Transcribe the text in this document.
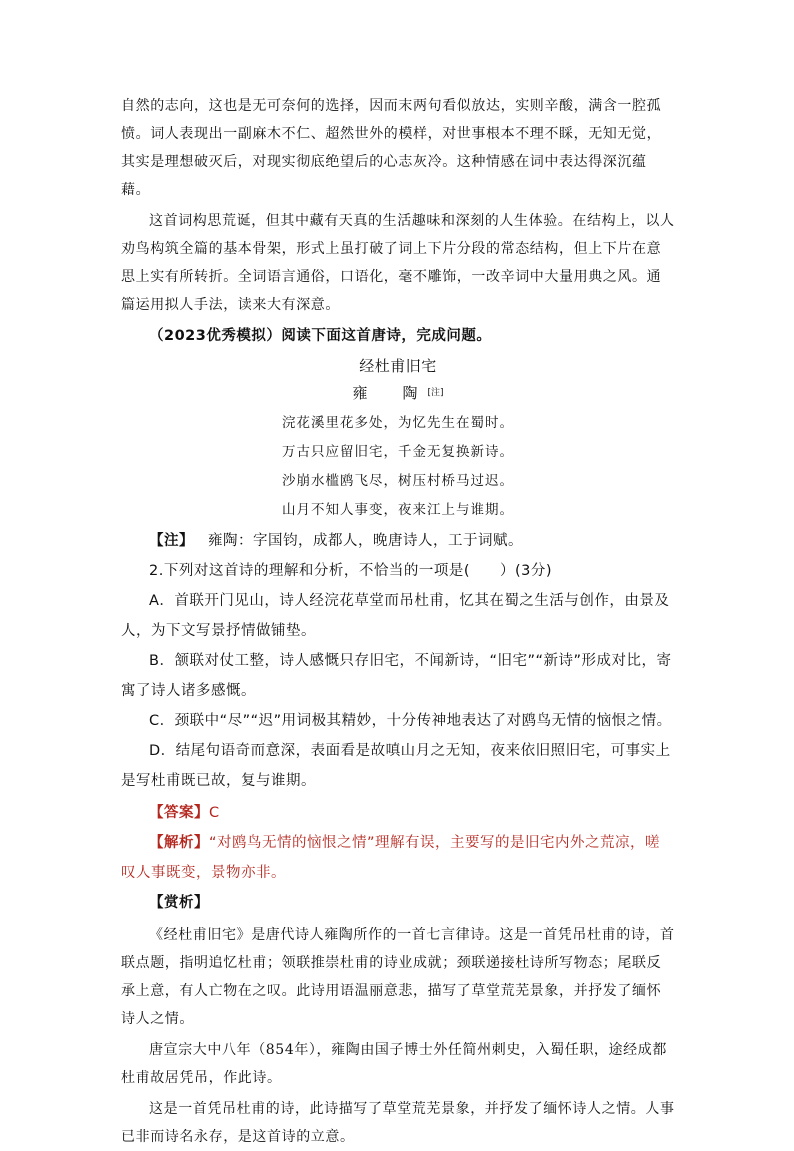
自然的志向，这也是无可奈何的选择，因而末两句看似放达，实则辛酸，满含一腔孤愤。词人表现出一副麻木不仁、超然世外的模样，对世事根本不理不睬，无知无觉，其实是理想破灭后，对现实彻底绝望后的心志灰冷。这种情感在词中表达得深沉蕴藉。

这首词构思荒诞，但其中藏有天真的生活趣味和深刻的人生体验。在结构上，以人劝鸟构筑全篇的基本骨架，形式上虽打破了词上下片分段的常态结构，但上下片在意思上实有所转折。全词语言通俗，口语化，毫不雕饰，一改辛词中大量用典之风。通篇运用拟人手法，读来大有深意。

（2023优秀模拟）阅读下面这首唐诗，完成问题。

经杜甫旧宅

雍　陶[注]

浣花溪里花多处，为忆先生在蜀时。

万古只应留旧宅，千金无复换新诗。

沙崩水槛鸥飞尽，树压村桥马过迟。

山月不知人事变，夜来江上与谁期。

【注】 雍陶：字国钧，成都人，晚唐诗人，工于词赋。

2.下列对这首诗的理解和分析，不恰当的一项是( ）(3分)

A．首联开门见山，诗人经浣花草堂而吊杜甫，忆其在蜀之生活与创作，由景及人，为下文写景抒情做铺垫。

B．颔联对仗工整，诗人感慨只存旧宅，不闻新诗，“旧宅”“新诗”形成对比，寄寓了诗人诸多感慨。

C．颈联中“尽”“迟”用词极其精妙，十分传神地表达了对鸥鸟无情的恼恨之情。

D．结尾句语奇而意深，表面看是故嗔山月之无知，夜来依旧照旧宅，可事实上是写杜甫既已故，复与谁期。

【答案】C

【解析】“对鸥鸟无情的恼恨之情”理解有误，主要写的是旧宅内外之荒凉，嗟叹人事既变，景物亦非。

【赏析】

《经杜甫旧宅》是唐代诗人雍陶所作的一首七言律诗。这是一首凭吊杜甫的诗，首联点题，指明追忆杜甫；领联推崇杜甫的诗业成就；颈联递接杜诗所写物态；尾联反承上意，有人亡物在之叹。此诗用语温丽意悲，描写了草堂荒芜景象，并抒发了缅怀诗人之情。

唐宣宗大中八年（854年），雍陶由国子博士外任简州刺史，入蜀任职，途经成都杜甫故居凭吊，作此诗。

这是一首凭吊杜甫的诗，此诗描写了草堂荒芜景象，并抒发了缅怀诗人之情。人事已非而诗名永存，是这首诗的立意。
